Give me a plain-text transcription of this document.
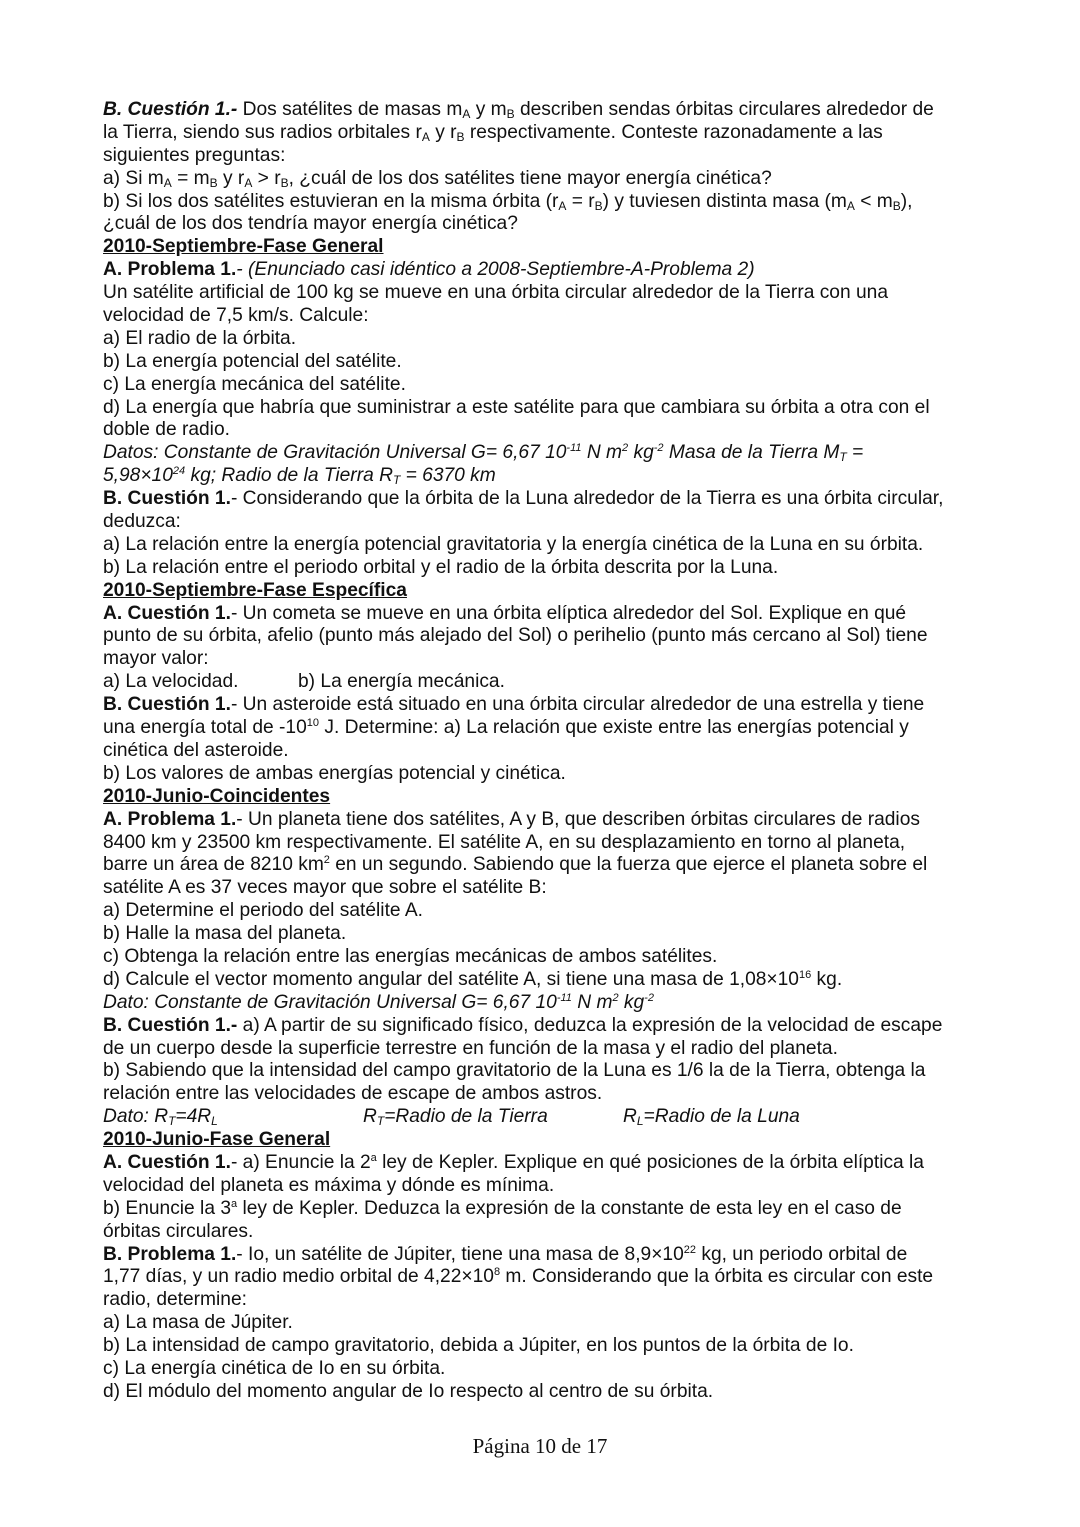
B. Cuestión 1.- Dos satélites de masas mA y mB describen sendas órbitas circulares alrededor de
la Tierra, siendo sus radios orbitales rA y rB respectivamente. Conteste razonadamente a las
siguientes preguntas:
a) Si mA = mB y rA > rB, ¿cuál de los dos satélites tiene mayor energía cinética?
b) Si los dos satélites estuvieran en la misma órbita (rA = rB) y tuviesen distinta masa (mA < mB),
¿cuál de los dos tendría mayor energía cinética?
2010-Septiembre-Fase General
A. Problema 1.- (Enunciado casi idéntico a 2008-Septiembre-A-Problema 2)
Un satélite artificial de 100 kg se mueve en una órbita circular alrededor de la Tierra con una
velocidad de 7,5 km/s. Calcule:
a) El radio de la órbita.
b) La energía potencial del satélite.
c) La energía mecánica del satélite.
d) La energía que habría que suministrar a este satélite para que cambiara su órbita a otra con el
doble de radio.
Datos: Constante de Gravitación Universal G= 6,67 $10^{-11}$ N $m^2$ $kg^{-2}$ Masa de la Tierra MT =
$5,98\times 10^{24}$ kg; Radio de la Tierra RT = 6370 km
B. Cuestión 1.- Considerando que la órbita de la Luna alrededor de la Tierra es una órbita circular,
deduzca:
a) La relación entre la energía potencial gravitatoria y la energía cinética de la Luna en su órbita.
b) La relación entre el periodo orbital y el radio de la órbita descrita por la Luna.
2010-Septiembre-Fase Específica
A. Cuestión 1.- Un cometa se mueve en una órbita elíptica alrededor del Sol. Explique en qué
punto de su órbita, afelio (punto más alejado del Sol) o perihelio (punto más cercano al Sol) tiene
mayor valor:
a) La velocidad.	b) La energía mecánica.
B. Cuestión 1.- Un asteroide está situado en una órbita circular alrededor de una estrella y tiene
una energía total de $-10^{10}$ J. Determine: a) La relación que existe entre las energías potencial y
cinética del asteroide.
b) Los valores de ambas energías potencial y cinética.
2010-Junio-Coincidentes
A. Problema 1.- Un planeta tiene dos satélites, A y B, que describen órbitas circulares de radios
8400 km y 23500 km respectivamente. El satélite A, en su desplazamiento en torno al planeta,
barre un área de 8210 $km^2$ en un segundo. Sabiendo que la fuerza que ejerce el planeta sobre el
satélite A es 37 veces mayor que sobre el satélite B:
a) Determine el periodo del satélite A.
b) Halle la masa del planeta.
c) Obtenga la relación entre las energías mecánicas de ambos satélites.
d) Calcule el vector momento angular del satélite A, si tiene una masa de $1,08\times 10^{16}$ kg.
Dato: Constante de Gravitación Universal G= 6,67 $10^{-11}$ N $m^2$ $kg^{-2}$
B. Cuestión 1.- a) A partir de su significado físico, deduzca la expresión de la velocidad de escape
de un cuerpo desde la superficie terrestre en función de la masa y el radio del planeta.
b) Sabiendo que la intensidad del campo gravitatorio de la Luna es 1/6 la de la Tierra, obtenga la
relación entre las velocidades de escape de ambos astros.
Dato: RT=4RL	RT=Radio de la Tierra	RL=Radio de la Luna
2010-Junio-Fase General
A. Cuestión 1.- a) Enuncie la 2$^a$ ley de Kepler. Explique en qué posiciones de la órbita elíptica la
velocidad del planeta es máxima y dónde es mínima.
b) Enuncie la 3$^a$ ley de Kepler. Deduzca la expresión de la constante de esta ley en el caso de
órbitas circulares.
B. Problema 1.- Io, un satélite de Júpiter, tiene una masa de $8,9\times 10^{22}$ kg, un periodo orbital de
1,77 días, y un radio medio orbital de $4,22\times 10^8$ m. Considerando que la órbita es circular con este
radio, determine:
a) La masa de Júpiter.
b) La intensidad de campo gravitatorio, debida a Júpiter, en los puntos de la órbita de Io.
c) La energía cinética de Io en su órbita.
d) El módulo del momento angular de Io respecto al centro de su órbita.
Página 10 de 17
